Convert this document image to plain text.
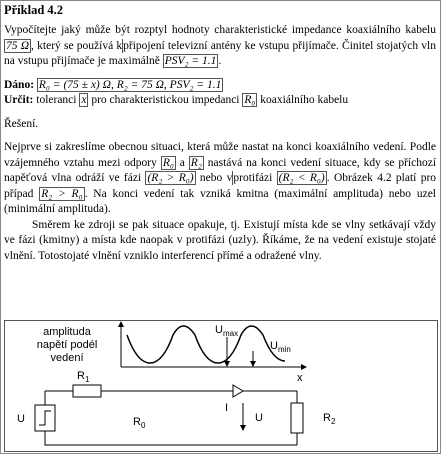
Příklad 4.2

Vypočítejte jaký může být rozptyl hodnoty charakteristické impedance koaxiálního kabelu 75 Ω , který se používá kpřipojení televizní antény ke vstupu přijímače. Činitel stojatých vln na vstupu přijímače je maximálně PSV₂ = 1.1 .

Dáno: R₀ = (75 ± x) Ω, R₂ = 75 Ω, PSV₂ = 1.1

Určit: toleranci x pro charakteristickou impedanci R₀ koaxiálního kabelu

Řešení.

Nejprve si zakreslíme obecnou situaci, která může nastat na konci koaxiálního vedení. Podle vzájemného vztahu mezi odpory R₀ a R₂ nastává na konci vedení situace, kdy se příchozí napěťová vlna odráží ve fázi (R₂ > R₀) nebo vprotifázi (R₂ < R₀) . Obrázek 4.2 platí pro případ R₂ > R₀ . Na konci vedení tak vzniká kmitna (maximální amplituda) nebo uzel (minimální amplituda).

Směrem ke zdroji se pak situace opakuje, tj. Existují místa kde se vlny setkávají vždy ve fázi (kmitny) a místa kde naopak v protifázi (uzly). Říkáme, že na vedení existuje stojaté vlnění. Totostojaté vlnění vzniklo interferencí přímé a odražené vlny.

amplituda
napětí podél
vedení
x
$U_{max}$
$U_{min}$
$R_1$
U	$R_0$
I
U	$R_2$
